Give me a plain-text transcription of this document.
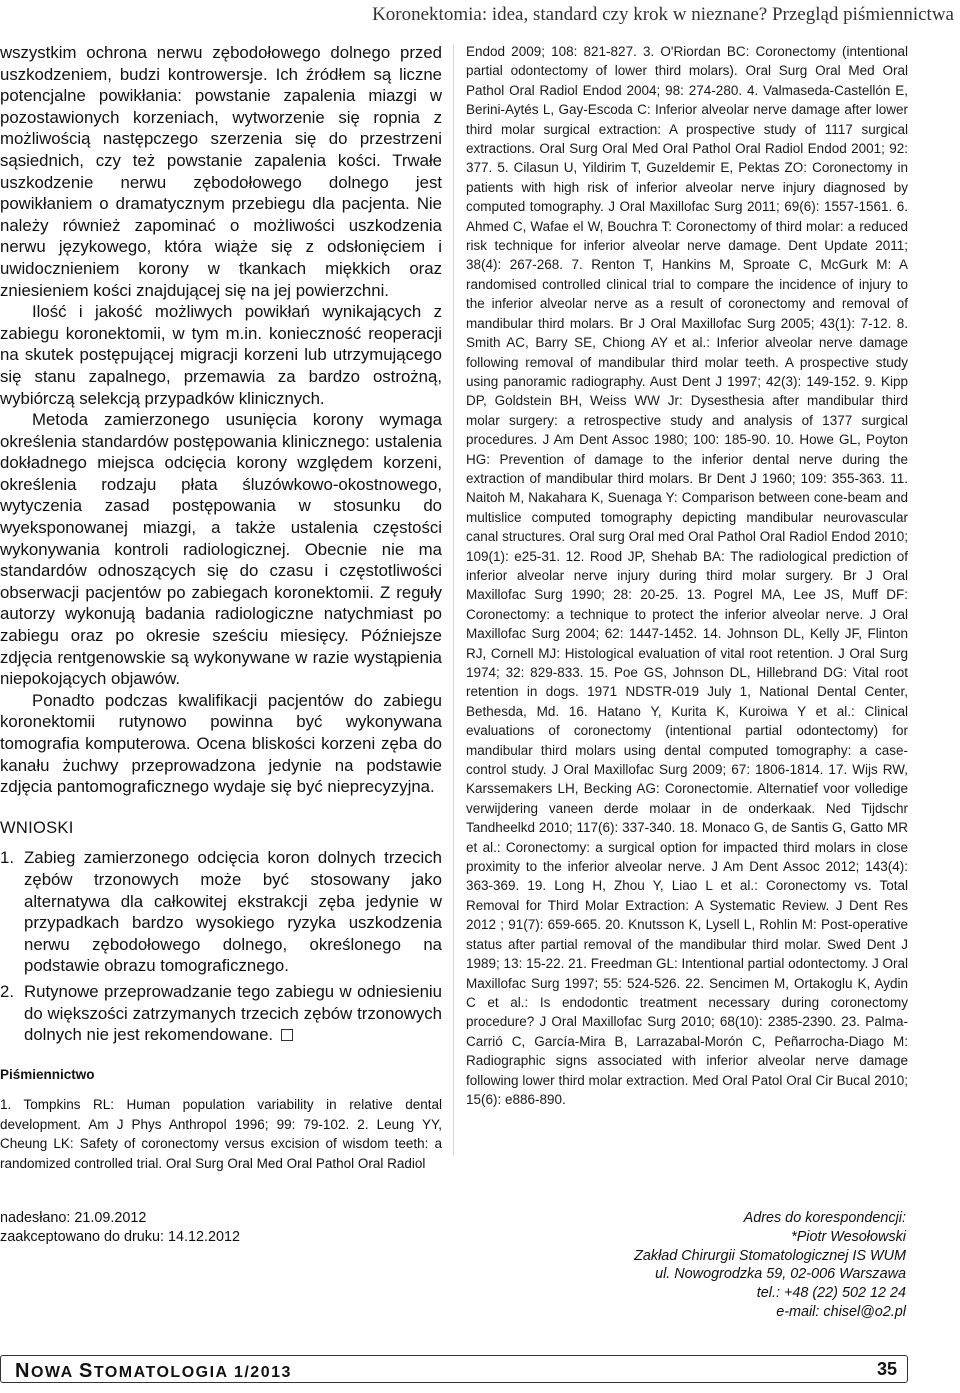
Koronektomia: idea, standard czy krok w nieznane? Przegląd piśmiennictwa

wszystkim ochrona nerwu zębodołowego dolnego przed uszkodzeniem, budzi kontrowersje. Ich źródłem są liczne potencjalne powikłania: powstanie zapalenia miazgi w pozostawionych korzeniach, wytworzenie się ropnia z możliwością następczego szerzenia się do przestrzeni sąsiednich, czy też powstanie zapalenia kości. Trwałe uszkodzenie nerwu zębodołowego dolnego jest powikłaniem o dramatycznym przebiegu dla pacjenta. Nie należy również zapominać o możliwości uszkodzenia nerwu językowego, która wiąże się z odsłonięciem i uwidocznieniem korony w tkankach miękkich oraz zniesieniem kości znajdującej się na jej powierzchni.

Ilość i jakość możliwych powikłań wynikających z zabiegu koronektomii, w tym m.in. konieczność reoperacji na skutek postępującej migracji korzeni lub utrzymującego się stanu zapalnego, przemawia za bardzo ostrożną, wybiórczą selekcją przypadków klinicznych.

Metoda zamierzonego usunięcia korony wymaga określenia standardów postępowania klinicznego: ustalenia dokładnego miejsca odcięcia korony względem korzeni, określenia rodzaju płata śluzówkowo-okostnowego, wytyczenia zasad postępowania w stosunku do wyeksponowanej miazgi, a także ustalenia częstości wykonywania kontroli radiologicznej. Obecnie nie ma standardów odnoszących się do czasu i częstotliwości obserwacji pacjentów po zabiegach koronektomii. Z reguły autorzy wykonują badania radiologiczne natychmiast po zabiegu oraz po okresie sześciu miesięcy. Późniejsze zdjęcia rentgenowskie są wykonywane w razie wystąpienia niepokojących objawów.

Ponadto podczas kwalifikacji pacjentów do zabiegu koronektomii rutynowo powinna być wykonywana tomografia komputerowa. Ocena bliskości korzeni zęba do kanału żuchwy przeprowadzona jedynie na podstawie zdjęcia pantomograficznego wydaje się być nieprecyzyjna.

WNIOSKI

1. Zabieg zamierzonego odcięcia koron dolnych trzecich zębów trzonowych może być stosowany jako alternatywa dla całkowitej ekstrakcji zęba jedynie w przypadkach bardzo wysokiego ryzyka uszkodzenia nerwu zębodołowego dolnego, określonego na podstawie obrazu tomograficznego.
2. Rutynowe przeprowadzanie tego zabiegu w odniesieniu do większości zatrzymanych trzecich zębów trzonowych dolnych nie jest rekomendowane.

Piśmiennictwo

1. Tompkins RL: Human population variability in relative dental development. Am J Phys Anthropol 1996; 99: 79-102. 2. Leung YY, Cheung LK: Safety of coronectomy versus excision of wisdom teeth: a randomized controlled trial. Oral Surg Oral Med Oral Pathol Oral Radiol

Endod 2009; 108: 821-827. 3. O'Riordan BC: Coronectomy (intentional partial odontectomy of lower third molars). Oral Surg Oral Med Oral Pathol Oral Radiol Endod 2004; 98: 274-280. 4. Valmaseda-Castellón E, Berini-Aytés L, Gay-Escoda C: Inferior alveolar nerve damage after lower third molar surgical extraction: A prospective study of 1117 surgical extractions. Oral Surg Oral Med Oral Pathol Oral Radiol Endod 2001; 92: 377. 5. Cilasun U, Yildirim T, Guzeldemir E, Pektas ZO: Coronectomy in patients with high risk of inferior alveolar nerve injury diagnosed by computed tomography. J Oral Maxillofac Surg 2011; 69(6): 1557-1561. 6. Ahmed C, Wafae el W, Bouchra T: Coronectomy of third molar: a reduced risk technique for inferior alveolar nerve damage. Dent Update 2011; 38(4): 267-268. 7. Renton T, Hankins M, Sproate C, McGurk M: A randomised controlled clinical trial to compare the incidence of injury to the inferior alveolar nerve as a result of coronectomy and removal of mandibular third molars. Br J Oral Maxillofac Surg 2005; 43(1): 7-12. 8. Smith AC, Barry SE, Chiong AY et al.: Inferior alveolar nerve damage following removal of mandibular third molar teeth. A prospective study using panoramic radiography. Aust Dent J 1997; 42(3): 149-152. 9. Kipp DP, Goldstein BH, Weiss WW Jr: Dysesthesia after mandibular third molar surgery: a retrospective study and analysis of 1377 surgical procedures. J Am Dent Assoc 1980; 100: 185-90. 10. Howe GL, Poyton HG: Prevention of damage to the inferior dental nerve during the extraction of mandibular third molars. Br Dent J 1960; 109: 355-363. 11. Naitoh M, Nakahara K, Suenaga Y: Comparison between cone-beam and multislice computed tomography depicting mandibular neurovascular canal structures. Oral surg Oral med Oral Pathol Oral Radiol Endod 2010; 109(1): e25-31. 12. Rood JP, Shehab BA: The radiological prediction of inferior alveolar nerve injury during third molar surgery. Br J Oral Maxillofac Surg 1990; 28: 20-25. 13. Pogrel MA, Lee JS, Muff DF: Coronectomy: a technique to protect the inferior alveolar nerve. J Oral Maxillofac Surg 2004; 62: 1447-1452. 14. Johnson DL, Kelly JF, Flinton RJ, Cornell MJ: Histological evaluation of vital root retention. J Oral Surg 1974; 32: 829-833. 15. Poe GS, Johnson DL, Hillebrand DG: Vital root retention in dogs. 1971 NDSTR-019 July 1, National Dental Center, Bethesda, Md. 16. Hatano Y, Kurita K, Kuroiwa Y et al.: Clinical evaluations of coronectomy (intentional partial odontectomy) for mandibular third molars using dental computed tomography: a case-control study. J Oral Maxillofac Surg 2009; 67: 1806-1814. 17. Wijs RW, Karssemakers LH, Becking AG: Coronectomie. Alternatief voor volledige verwijdering vaneen derde molaar in de onderkaak. Ned Tijdschr Tandheelkd 2010; 117(6): 337-340. 18. Monaco G, de Santis G, Gatto MR et al.: Coronectomy: a surgical option for impacted third molars in close proximity to the inferior alveolar nerve. J Am Dent Assoc 2012; 143(4): 363-369. 19. Long H, Zhou Y, Liao L et al.: Coronectomy vs. Total Removal for Third Molar Extraction: A Systematic Review. J Dent Res 2012 ; 91(7): 659-665. 20. Knutsson K, Lysell L, Rohlin M: Post-operative status after partial removal of the mandibular third molar. Swed Dent J 1989; 13: 15-22. 21. Freedman GL: Intentional partial odontectomy. J Oral Maxillofac Surg 1997; 55: 524-526. 22. Sencimen M, Ortakoglu K, Aydin C et al.: Is endodontic treatment necessary during coronectomy procedure? J Oral Maxillofac Surg 2010; 68(10): 2385-2390. 23. Palma-Carrió C, García-Mira B, Larrazabal-Morón C, Peñarrocha-Diago M: Radiographic signs associated with inferior alveolar nerve damage following lower third molar extraction. Med Oral Patol Oral Cir Bucal 2010; 15(6): e886-890.
nadesłano: 21.09.2012
zaakceptowano do druku: 14.12.2012
Adres do korespondencji:
*Piotr Wesołowski
Zakład Chirurgii Stomatologicznej IS WUM
ul. Nowogrodzka 59, 02-006 Warszawa
tel.: +48 (22) 502 12 24
e-mail: chisel@o2.pl
NOWA STOMATOLOGIA 1/2013	35
